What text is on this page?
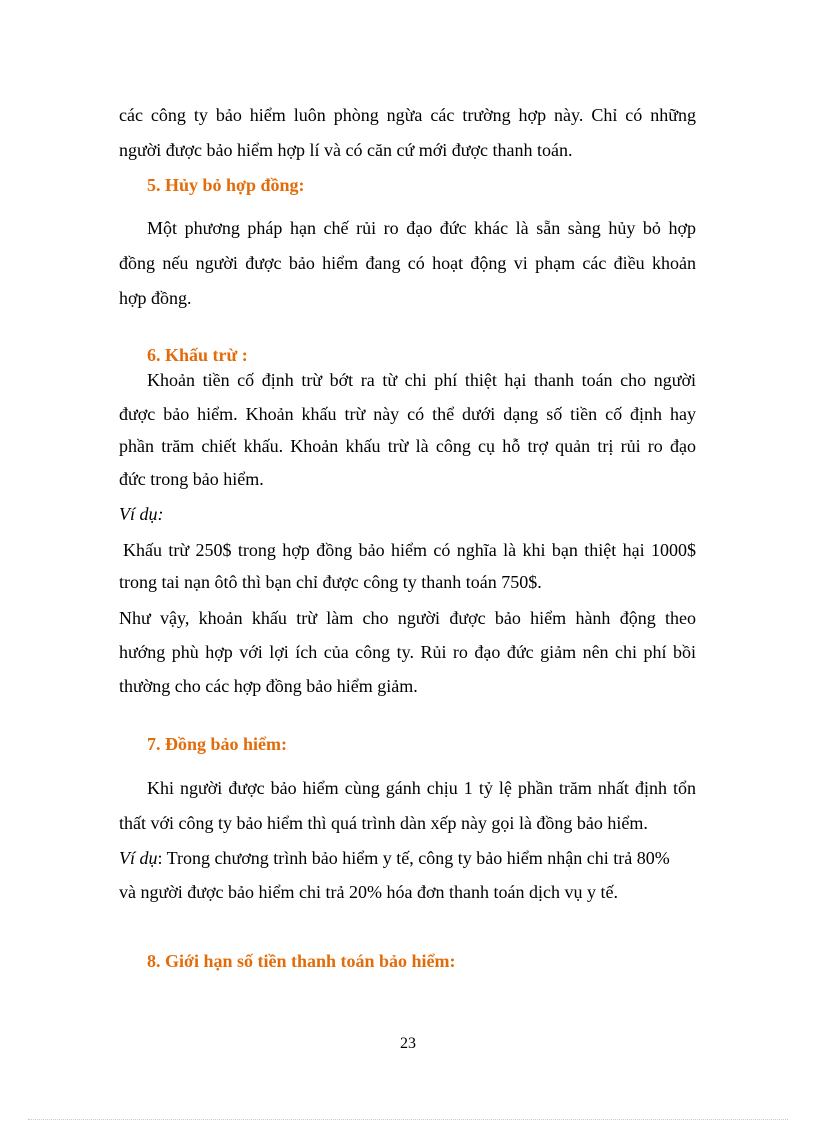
các công ty bảo hiểm luôn phòng ngừa các trường hợp này. Chỉ có những
người được bảo hiểm hợp lí và có căn cứ mới được thanh toán.
5. Hủy bỏ hợp đồng:
Một phương pháp hạn chế rủi ro đạo đức khác là sẵn sàng hủy bỏ hợp
đồng nếu người được bảo hiểm đang có hoạt động vi phạm các điều khoản
hợp đồng.
6. Khấu trừ :
Khoản tiền cố định trừ bớt ra từ chi phí thiệt hại thanh toán cho người
được bảo hiểm. Khoản khấu trừ này có thể dưới dạng số tiền cố định hay
phần trăm chiết khấu. Khoản khấu trừ là công cụ hỗ trợ quản trị rủi ro đạo
đức trong bảo hiểm.
Ví dụ:
Khấu trừ 250$ trong hợp đồng bảo hiểm có nghĩa là khi bạn thiệt hại 1000$
trong tai nạn ôtô thì bạn chỉ được công ty thanh toán 750$.
Như vậy, khoản khấu trừ làm cho người được bảo hiểm hành động theo
hướng phù hợp với lợi ích của công ty. Rủi ro đạo đức giảm nên chi phí bồi
thường cho các hợp đồng bảo hiểm giảm.
7. Đồng bảo hiểm:
Khi người được bảo hiểm cùng gánh chịu 1 tỷ lệ phần trăm nhất định tổn
thất với công ty bảo hiểm thì quá trình dàn xếp này gọi là đồng bảo hiểm.
Ví dụ: Trong chương trình bảo hiểm y tế, công ty bảo hiểm nhận chi trả 80%
và người được bảo hiểm chi trả 20% hóa đơn thanh toán dịch vụ y tế.
8. Giới hạn số tiền thanh toán bảo hiểm:
23
